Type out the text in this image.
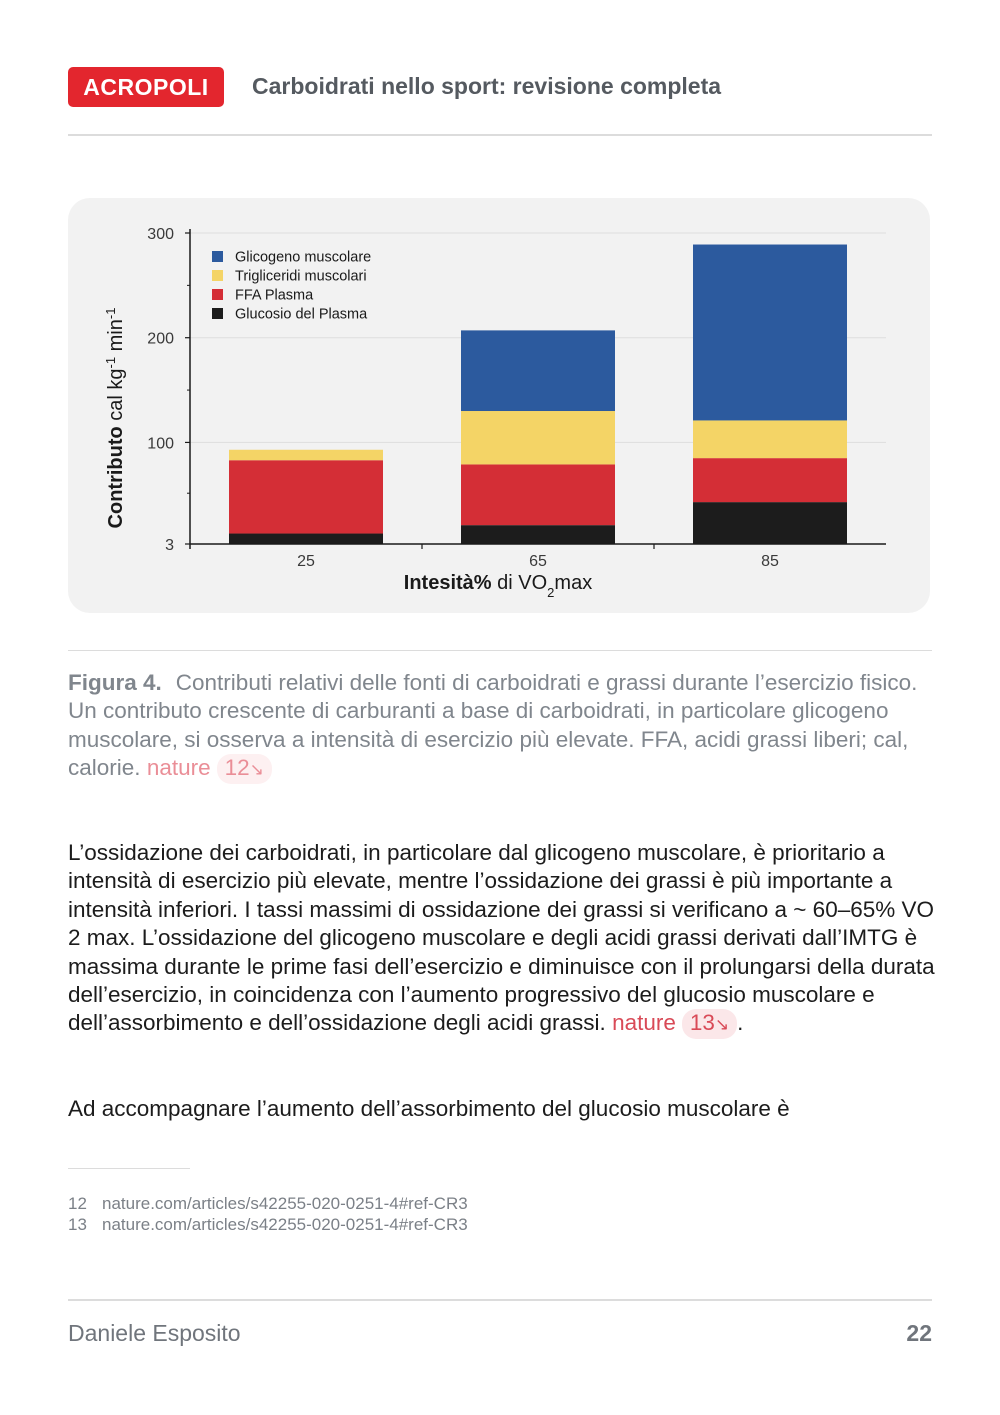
ACROPOLI	Carboidrati nello sport: revisione completa
3
100
200
300
25	65	85
Glicogeno muscolare
Trigliceridi muscolari
FFA Plasma
Glucosio del Plasma
Contributo cal $kg^{-1}$ $\min^{-1}$
Intesità% di $VO_2\max$
Figura 4. Contributi relativi delle fonti di carboidrati e grassi durante l’esercizio fisico. Un contributo crescente di carburanti a base di carboidrati, in particolare glicogeno muscolare, si osserva a intensità di esercizio più elevate. FFA, acidi grassi liberi; cal, calorie. nature 12↘
L’ossidazione dei carboidrati, in particolare dal glicogeno muscolare, è prioritario a intensità di esercizio più elevate, mentre l’ossidazione dei grassi è più importante a intensità inferiori. I tassi massimi di ossidazione dei grassi si verificano a ~ 60–65% VO 2 max. L’ossidazione del glicogeno muscolare e degli acidi grassi derivati dall’IMTG è massima durante le prime fasi dell’esercizio e diminuisce con il prolungarsi della durata dell’esercizio, in coincidenza con l’aumento progressivo del glucosio muscolare e dell’assorbimento e dell’ossidazione degli acidi grassi. nature 13↘ .
Ad accompagnare l’aumento dell’assorbimento del glucosio muscolare è
12 nature.com/articles/s42255-020-0251-4#ref-CR3
13 nature.com/articles/s42255-020-0251-4#ref-CR3
Daniele Esposito	22
